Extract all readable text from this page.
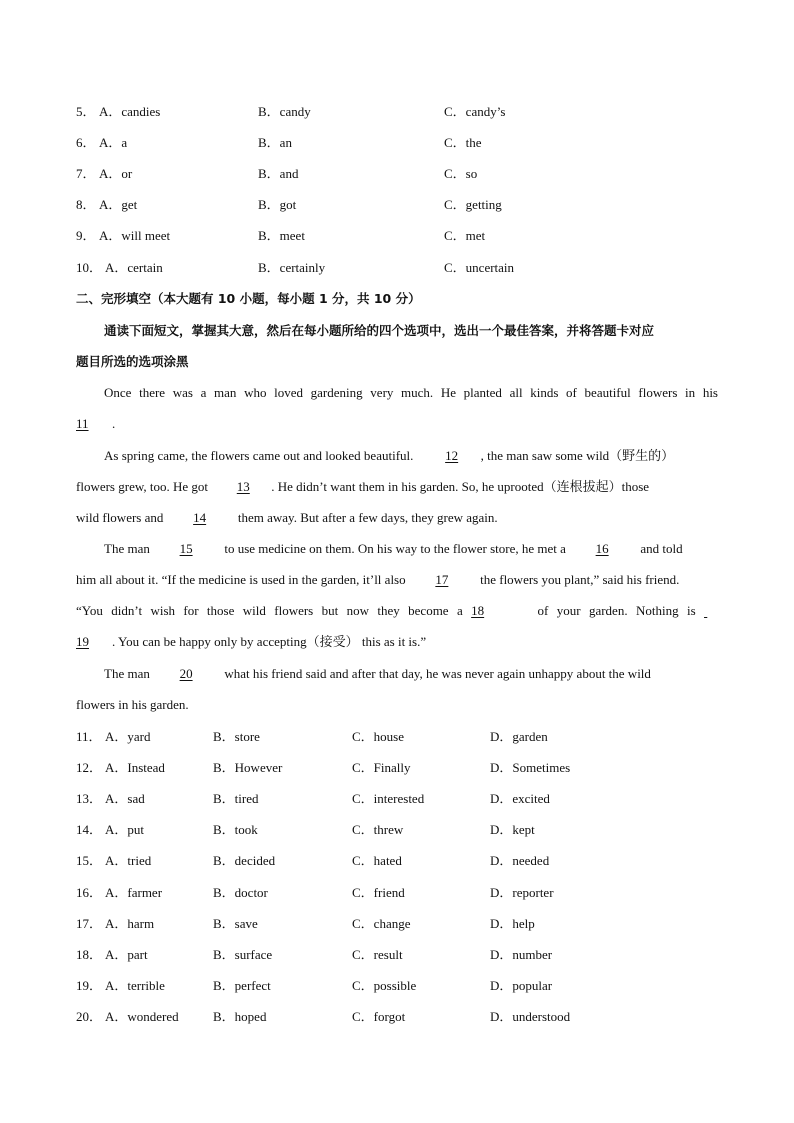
5． A．candies	B．candy	C．candy’s
6． A．a	B．an	C．the
7． A．or	B．and	C．so
8． A．get	B．got	C．getting
9． A．will meet	B．meet	C．met
10． A．certain	B．certainly	C．uncertain
二、完形填空（本大题有 10 小题，每小题 1 分，共 10 分）
通读下面短文，掌握其大意，然后在每小题所给的四个选项中，选出一个最佳答案，并将答题卡对应
题目所选的选项涂黑
Once there was a man who loved gardening very much. He planted all kinds of beautiful flowers in his
11 .
As spring came, the flowers came out and looked beautiful. 12 , the man saw some wild（野生的）
flowers grew, too. He got 13 . He didn’t want them in his garden. So, he uprooted（连根拔起）those
wild flowers and 14 them away. But after a few days, they grew again.
The man 15 to use medicine on them. On his way to the flower store, he met a 16 and told
him all about it. “If the medicine is used in the garden, it’ll also 17 the flowers you plant,” said his friend.
“You didn’t wish for those wild flowers but now they become a 18	of your garden. Nothing is
19 . You can be happy only by accepting（接受） this as it is.”
The man 20 what his friend said and after that day, he was never again unhappy about the wild
flowers in his garden.
11． A．yard	B．store	C．house	D．garden
12． A．Instead	B．However	C．Finally	D．Sometimes
13． A．sad	B．tired	C．interested	D．excited
14． A．put	B．took	C．threw	D．kept
15． A．tried	B．decided	C．hated	D．needed
16． A．farmer	B．doctor	C．friend	D．reporter
17． A．harm	B．save	C．change	D．help
18． A．part	B．surface	C．result	D．number
19． A．terrible	B．perfect	C．possible	D．popular
20． A．wondered	B．hoped	C．forgot	D．understood
